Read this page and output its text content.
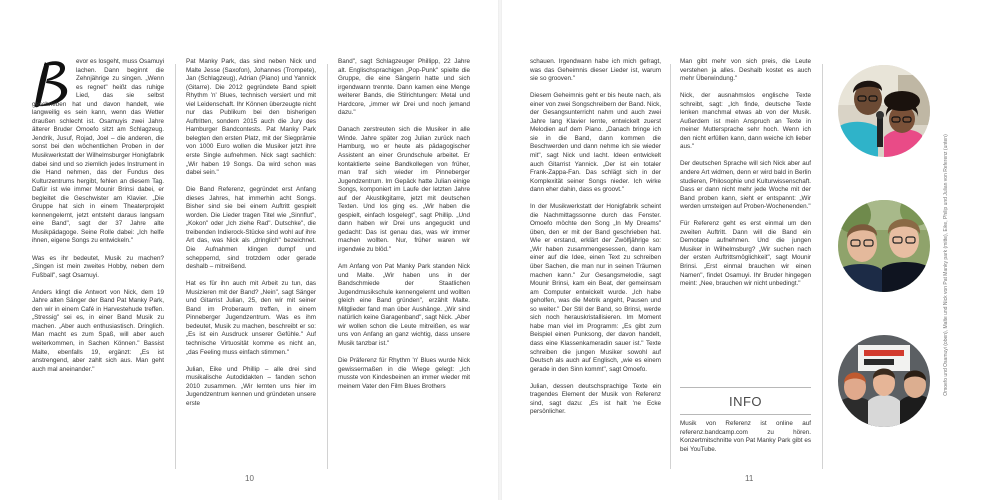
evor es losgeht, muss Osamuyi lachen. Dann beginnt die Zehnjährige zu singen. „Wenn es regnet" heißt das ruhige Lied, das sie selbst geschrieben hat und davon handelt, wie langweilig es sein kann, wenn das Wetter draußen schlecht ist. Osamuyis zwei Jahre älterer Bruder Omoefo sitzt am Schlagzeug. Jendrik, Jusuf, Rojad, Joel – die anderen, die sonst bei den wöchentlichen Proben in der Musikwerkstatt der Wilhelmsburger Honigfabrik dabei sind und so ziemlich jedes Instrument in die Hand nehmen, das der Fundus des Kulturzentrums hergibt, fehlen an diesem Tag. Dafür ist wie immer Mounir Brinsi dabei, er begleitet die Geschwister am Klavier. „Die Gruppe hat sich in einem Theaterprojekt kennengelernt, jetzt entsteht daraus langsam eine Band", sagt der 37 Jahre alte Musikpädagoge. Seine Rolle dabei: „Ich helfe ihnen, eigene Songs zu entwickeln."

Was es ihr bedeutet, Musik zu machen? „Singen ist mein zweites Hobby, neben dem Fußball", sagt Osamuyi.

Anders klingt die Antwort von Nick, dem 19 Jahre alten Sänger der Band Pat Manky Park, den wir in einem Café in Harvestehude treffen. „Stressig" sei es, in einer Band Musik zu machen. „Aber auch enthusiastisch. Dringlich. Man macht es zum Spaß, will aber auch weiterkommen, in Sachen Können." Bassist Malte, ebenfalls 19, ergänzt: „Es ist anstrengend, aber zahlt sich aus. Man geht auch mal aneinander."

Pat Manky Park, das sind neben Nick und Malte Jesse (Saxofon), Johannes (Trompete), Jan (Schlagzeug), Adrian (Piano) und Yannick (Gitarre). Die 2012 gegründete Band spielt Rhythm 'n' Blues, technisch versiert und mit viel Leidenschaft. Ihr Können überzeugte nicht nur das Publikum bei den bisherigen Auftritten, sondern 2015 auch die Jury des Hamburger Bandcontests. Pat Manky Park belegten den ersten Platz, mit der Siegprämie von 1000 Euro wollen die Musiker jetzt ihre erste Single aufnehmen. Nick sagt sachlich: „Wir haben 19 Songs. Da wird schon was dabei sein."

Die Band Referenz, gegründet erst Anfang dieses Jahres, hat immerhin acht Songs. Bisher sind sie bei einem Auftritt gespielt worden. Die Lieder tragen Titel wie „Sinnflut", „Kokon" oder „Ich ziehe Rad". Dutschke", die treibenden Indierock-Stücke sind wohl auf ihre Art das, was Nick als „dringlich" bezeichnet. Die Aufnahmen klingen dumpf und scheppernd, sind trotzdem oder gerade deshalb – mitreißend.

Hat es für ihn auch mit Arbeit zu tun, das Musizieren mit der Band? „Nein", sagt Sänger und Gitarrist Julian, 25, den wir mit seiner Band im Proberaum treffen, in einem Pinneberger Jugendzentrum. Was es ihm bedeutet, Musik zu machen, beschreibt er so: „Es ist ein Ausdruck unserer Gefühle." Auf technische Virtuosität komme es nicht an, „das Feeling muss einfach stimmen."

Julian, Eike und Phillip – alle drei sind musikalische Autodidakten – fanden schon 2010 zusammen. „Wir lernten uns hier im Jugendzentrum kennen und gründeten unsere erste

Band", sagt Schlagzeuger Phillipp, 22 Jahre alt. Englischsprachigen „Pop-Punk" spielte die Gruppe, die eine Sängerin hatte und sich irgendwann trennte. Dann kamen eine Menge weiterer Bands, die Stilrichtungen: Metal und Hardcore, „immer wir Drei und noch jemand dazu."

Danach zerstreuten sich die Musiker in alle Winde. Jahre später zog Julian zurück nach Hamburg, wo er heute als pädagogischer Assistent an einer Grundschule arbeitet. Er kontaktierte seine Bandkollegen von früher, man traf sich wieder im Pinneberger Jugendzentrum. Im Gepäck hatte Julian einige Songs, komponiert im Laufe der letzten Jahre auf der Akustikgitarre, jetzt mit deutschen Texten. Und los ging es. „Wir haben die gespielt, einfach losgelegt", sagt Phillip. „Und dann haben wir Drei uns angeguckt und gedacht: Das ist genau das, was wir immer machen wollten. Nur, früher waren wir irgendwie zu blöd."

Am Anfang von Pat Manky Park standen Nick und Malte. „Wir haben uns in der Bandschmiede der Staatlichen Jugendmusikschule kennengelernt und wollten gleich eine Band gründen", erzählt Malte. Mitglieder fand man über Aushänge. „Wir sind natürlich keine Garagenband", sagt Nick. „Aber wir wollen schon die Leute mitreißen, es war uns von Anfang an ganz wichtig, dass unsere Musik tanzbar ist."

Die Präferenz für Rhythm 'n' Blues wurde Nick gewissermaßen in die Wiege gelegt: „Ich musste von Kindesbeinen an immer wieder mit meinem Vater den Film Blues Brothers

10

schauen. Irgendwann habe ich mich gefragt, was das Geheimnis dieser Lieder ist, warum sie so grooven."

Diesem Geheimnis geht er bis heute nach, als einer von zwei Songschreibern der Band. Nick, der Gesangsunterricht nahm und auch zwei Jahre lang Klavier lernte, entwickelt zuerst Melodien auf dem Piano. „Danach bringe ich sie in die Band, dann kommen die Beschwerden und dann nehme ich sie wieder mit", sagt Nick und lacht. Ideen entwickelt auch Gitarrist Yannick. „Der ist ein totaler Frank-Zappa-Fan. Das schlägt sich in der Komplexität seiner Songs nieder. Ich wirke dann eher dahin, dass es groovt."

In der Musikwerkstatt der Honigfabrik scheint die Nachmittagssonne durch das Fenster. Omoefo möchte den Song „In My Dreams" üben, den er mit der Band geschrieben hat. Wie er erstand, erklärt der Zwölfjährige so: „Wir haben zusammengesessen, dann kam einer auf die Idee, einen Text zu schreiben über Sachen, die man nur in seinen Träumen machen kann." Zur Gesangsmelodie, sagt Mounir Brinsi, kam ein Beat, der gemeinsam am Computer entwickelt wurde. „Ich habe geholfen, was die Metrik angeht, Pausen und so weiter." Der Stil der Band, so Brinsi, werde sich noch herauskristallisieren. Im Moment habe man viel im Programm: „Es gibt zum Beispiel einen Punksong, der davon handelt, dass eine Klassenkameradin sauer ist." Texte schreiben die jungen Musiker sowohl auf Deutsch als auch auf Englisch, „wie es einem gerade in den Sinn kommt", sagt Omoefo.

Julian, dessen deutschsprachige Texte ein tragendes Element der Musik von Referenz sind, sagt dazu: „Es ist halt 'ne Ecke persönlicher.

Man gibt mehr von sich preis, die Leute verstehen ja alles. Deshalb kostet es auch mehr Überwindung."

Nick, der ausnahmslos englische Texte schreibt, sagt: „Ich finde, deutsche Texte lenken manchmal etwas ab von der Musik. Außerdem ist mein Anspruch an Texte in meiner Muttersprache sehr hoch. Wenn ich den nicht erfüllen kann, dann weiche ich lieber aus."

Der deutschen Sprache will sich Nick aber auf andere Art widmen, denn er wird bald in Berlin studieren, Philosophie und Kulturwissenschaft. Dass er dann nicht mehr jede Woche mit der Band proben kann, sieht er entspannt: „Wir werden umsteigen auf Proben-Wochenenden."

Für Referenz geht es erst einmal um den zweiten Auftritt. Dann will die Band ein Demotape aufnehmen. Und die jungen Musiker in Wilhelmsburg? „Wir suchen nach der ersten Auftrittsmöglichkeit", sagt Mounir Brinsi. „Erst einmal brauchen wir einen Namen", findet Osamuyi. Ihr Bruder hingegen meint: „Nee, brauchen wir nicht unbedingt."

INFO
Musik von Referenz ist online auf referenz.bandcamp.com zu hören. Konzertmitschnitte von Pat Manky Park gibt es bei YouTube.
11
Omoefo und Osamuyi (oben), Malte und Nick von Pat Manky park (mitte), Eike, Philip und Julian von Referenz (unten)
